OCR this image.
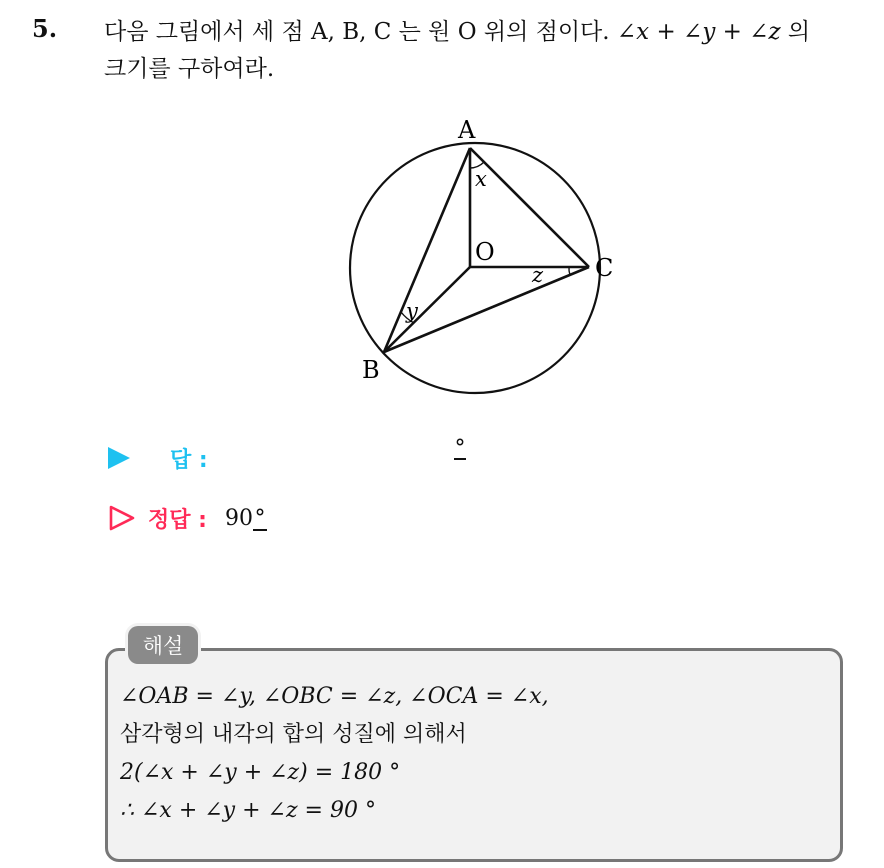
5. 다음 그림에서 세 점 A, B, C 는 원 O 위의 점이다. ∠x + ∠y + ∠z 의
크기를 구하여라.
A
B
C
O
x
y
z
답 :	°
정답 : 90°
해설
∠OAB = ∠y, ∠OBC = ∠z, ∠OCA = ∠x,
삼각형의 내각의 합의 성질에 의해서
2(∠x + ∠y + ∠z) = 180 °
∴ ∠x + ∠y + ∠z = 90 °
